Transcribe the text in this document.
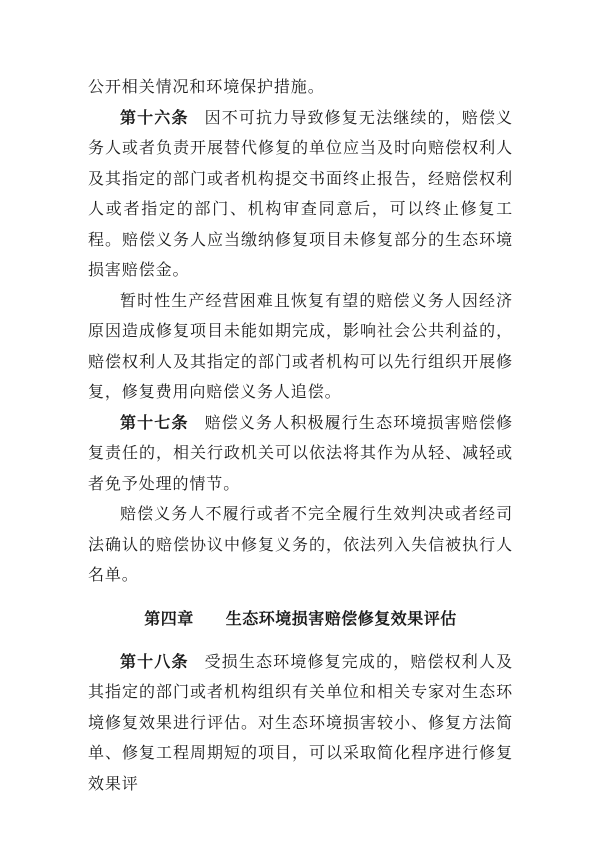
公开相关情况和环境保护措施。

第十六条 因不可抗力导致修复无法继续的，赔偿义务人或者负责开展替代修复的单位应当及时向赔偿权利人及其指定的部门或者机构提交书面终止报告，经赔偿权利人或者指定的部门、机构审查同意后，可以终止修复工程。赔偿义务人应当缴纳修复项目未修复部分的生态环境损害赔偿金。

暂时性生产经营困难且恢复有望的赔偿义务人因经济原因造成修复项目未能如期完成，影响社会公共利益的，赔偿权利人及其指定的部门或者机构可以先行组织开展修复，修复费用向赔偿义务人追偿。

第十七条 赔偿义务人积极履行生态环境损害赔偿修复责任的，相关行政机关可以依法将其作为从轻、减轻或者免予处理的情节。

赔偿义务人不履行或者不完全履行生效判决或者经司法确认的赔偿协议中修复义务的，依法列入失信被执行人名单。

第四章 生态环境损害赔偿修复效果评估

第十八条 受损生态环境修复完成的，赔偿权利人及其指定的部门或者机构组织有关单位和相关专家对生态环境修复效果进行评估。对生态环境损害较小、修复方法简单、修复工程周期短的项目，可以采取简化程序进行修复效果评
